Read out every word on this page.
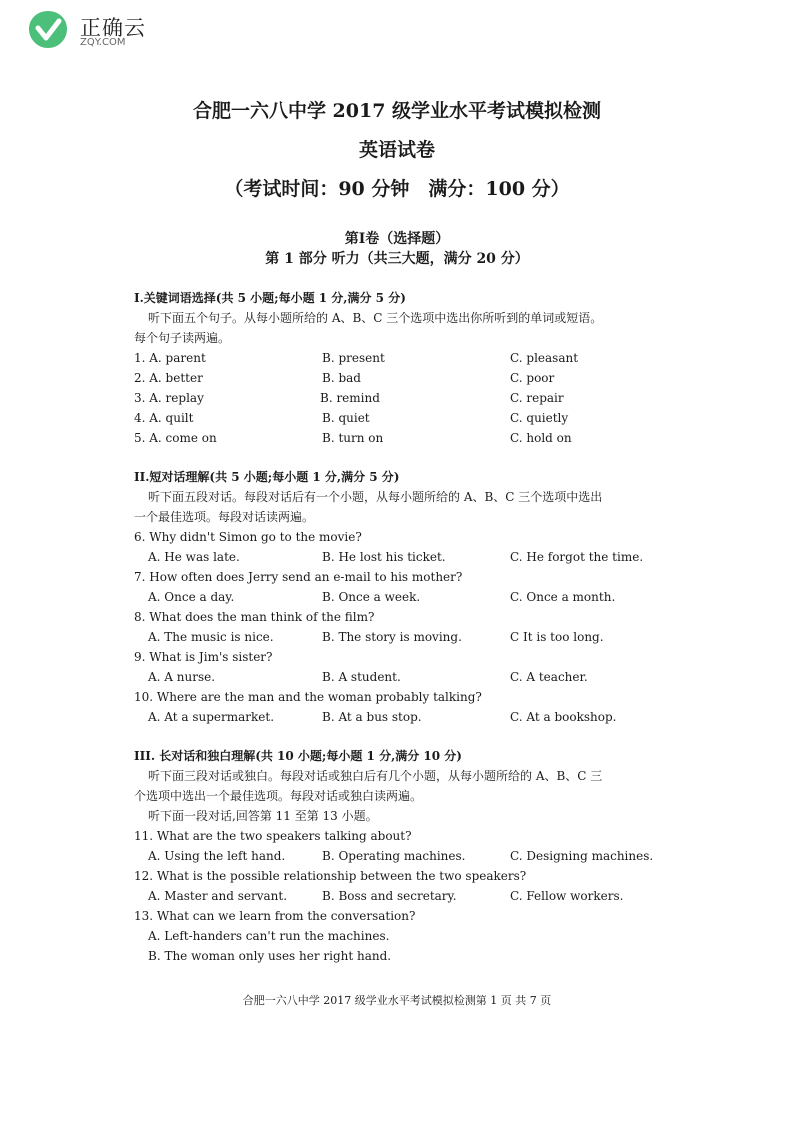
正确云
ZQY.COM
合肥一六八中学 2017 级学业水平考试模拟检测
英语试卷
（考试时间：90 分钟　满分：100 分）
第Ⅰ卷（选择题）
第 1 部分 听力（共三大题，满分 20 分）
I.关键词语选择(共 5 小题;每小题 1 分,满分 5 分)
听下面五个句子。从每小题所给的 A、B、C 三个选项中选出你所听到的单词或短语。
每个句子读两遍。
1. A. parent	B. present	C. pleasant
2. A. better	B. bad	C. poor
3. A. replay	B. remind	C. repair
4. A. quilt	B. quiet	C. quietly
5. A. come on	B. turn on	C. hold on
II.短对话理解(共 5 小题;每小题 1 分,满分 5 分)
听下面五段对话。每段对话后有一个小题，从每小题所给的 A、B、C 三个选项中选出
一个最佳选项。每段对话读两遍。
6. Why didn't Simon go to the movie?
A. He was late.	B. He lost his ticket.	C. He forgot the time.
7. How often does Jerry send an e-mail to his mother?
A. Once a day.	B. Once a week.	C. Once a month.
8. What does the man think of the film?
A. The music is nice.	B. The story is moving.	C It is too long.
9. What is Jim's sister?
A. A nurse.	B. A student.	C. A teacher.
10. Where are the man and the woman probably talking?
A. At a supermarket.	B. At a bus stop.	C. At a bookshop.
III. 长对话和独白理解(共 10 小题;每小题 1 分,满分 10 分)
听下面三段对话或独白。每段对话或独白后有几个小题，从每小题所给的 A、B、C 三
个选项中选出一个最佳选项。每段对话或独白读两遍。
听下面一段对话,回答第 11 至第 13 小题。
11. What are the two speakers talking about?
A. Using the left hand.	B. Operating machines.	C. Designing machines.
12. What is the possible relationship between the two speakers?
A. Master and servant.	B. Boss and secretary.	C. Fellow workers.
13. What can we learn from the conversation?
A. Left-handers can't run the machines.
B. The woman only uses her right hand.
合肥一六八中学 2017 级学业水平考试模拟检测第 1 页 共 7 页
